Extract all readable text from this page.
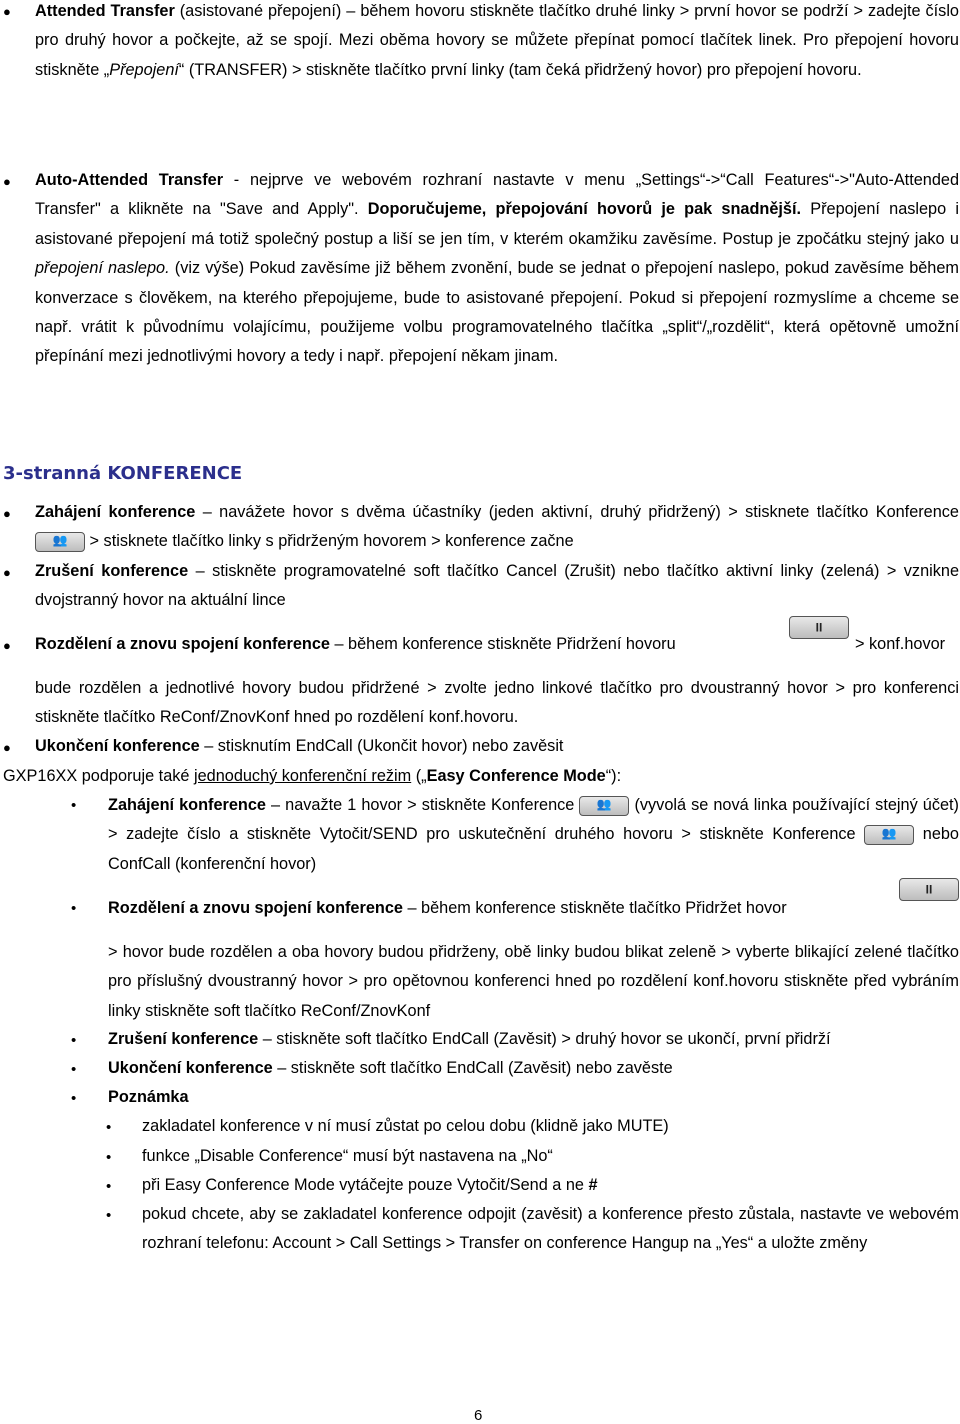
● Attended Transfer (asistované přepojení) – během hovoru stiskněte tlačítko druhé linky > první hovor se podrží > zadejte číslo pro druhý hovor a počkejte, až se spojí. Mezi oběma hovory se můžete přepínat pomocí tlačítek linek. Pro přepojení hovoru stiskněte „Přepojení“ (TRANSFER) > stiskněte tlačítko první linky (tam čeká přidržený hovor) pro přepojení hovoru.

● Auto-Attended Transfer - nejprve ve webovém rozhraní nastavte v menu „Settings“->“Call Features“->"Auto-Attended Transfer" a klikněte na "Save and Apply". Doporučujeme, přepojování hovorů je pak snadnější. Přepojení naslepo i asistované přepojení má totiž společný postup a liší se jen tím, v kterém okamžiku zavěsíme. Postup je zpočátku stejný jako u přepojení naslepo. (viz výše) Pokud zavěsíme již během zvonění, bude se jednat o přepojení naslepo, pokud zavěsíme během konverzace s člověkem, na kterého přepojujeme, bude to asistované přepojení. Pokud si přepojení rozmyslíme a chceme se např. vrátit k původnímu volajícímu, použijeme volbu programovatelného tlačítka „split“/„rozdělit“, která opětovně umožní přepínání mezi jednotlivými hovory a tedy i např. přepojení někam jinam.

3-stranná KONFERENCE
● Zahájení konference – navážete hovor s dvěma účastníky (jeden aktivní, druhý přidržený) > stisknete tlačítko Konference 👥 > stisknete tlačítko linky s přidrženým hovorem > konference začne

● Zrušení konference – stiskněte programovatelné soft tlačítko Cancel (Zrušit) nebo tlačítko aktivní linky (zelená) > vznikne dvojstranný hovor na aktuální lince

● Rozdělení a znovu spojení konference – během konference stiskněte Přidržení hovoru

II	> konf.hovor

bude rozdělen a jednotlivé hovory budou přidržené > zvolte jedno linkové tlačítko pro dvoustranný hovor > pro konferenci stiskněte tlačítko ReConf/ZnovKonf hned po rozdělení konf.hovoru.

● Ukončení konference – stisknutím EndCall (Ukončit hovor) nebo zavěsit

GXP16XX podporuje také jednoduchý konferenční režim („Easy Conference Mode“):

• Zahájení konference – navažte 1 hovor > stiskněte Konference 👥	(vyvolá se nová linka používající stejný účet) > zadejte číslo a stiskněte Vytočit/SEND pro uskutečnění druhého hovoru > stiskněte Konference 👥	nebo ConfCall (konferenční hovor)

• Rozdělení a znovu spojení konference – během konference stiskněte tlačítko Přidržet hovor

II

> hovor bude rozdělen a oba hovory budou přidrženy, obě linky budou blikat zeleně > vyberte blikající zelené tlačítko pro příslušný dvoustranný hovor > pro opětovnou konferenci hned po rozdělení konf.hovoru stiskněte před vybráním linky stiskněte soft tlačítko ReConf/ZnovKonf

• Zrušení konference – stiskněte soft tlačítko EndCall (Zavěsit) > druhý hovor se ukončí, první přidrží

• Ukončení konference – stiskněte soft tlačítko EndCall (Zavěsit) nebo zavěste

• Poznámka

• zakladatel konference v ní musí zůstat po celou dobu (klidně jako MUTE)

• funkce „Disable Conference“ musí být nastavena na „No“

• při Easy Conference Mode vytáčejte pouze Vytočit/Send a ne #

• pokud chcete, aby se zakladatel konference odpojit (zavěsit) a konference přesto zůstala, nastavte ve webovém rozhraní telefonu: Account > Call Settings > Transfer on conference Hangup na „Yes“ a uložte změny

6
